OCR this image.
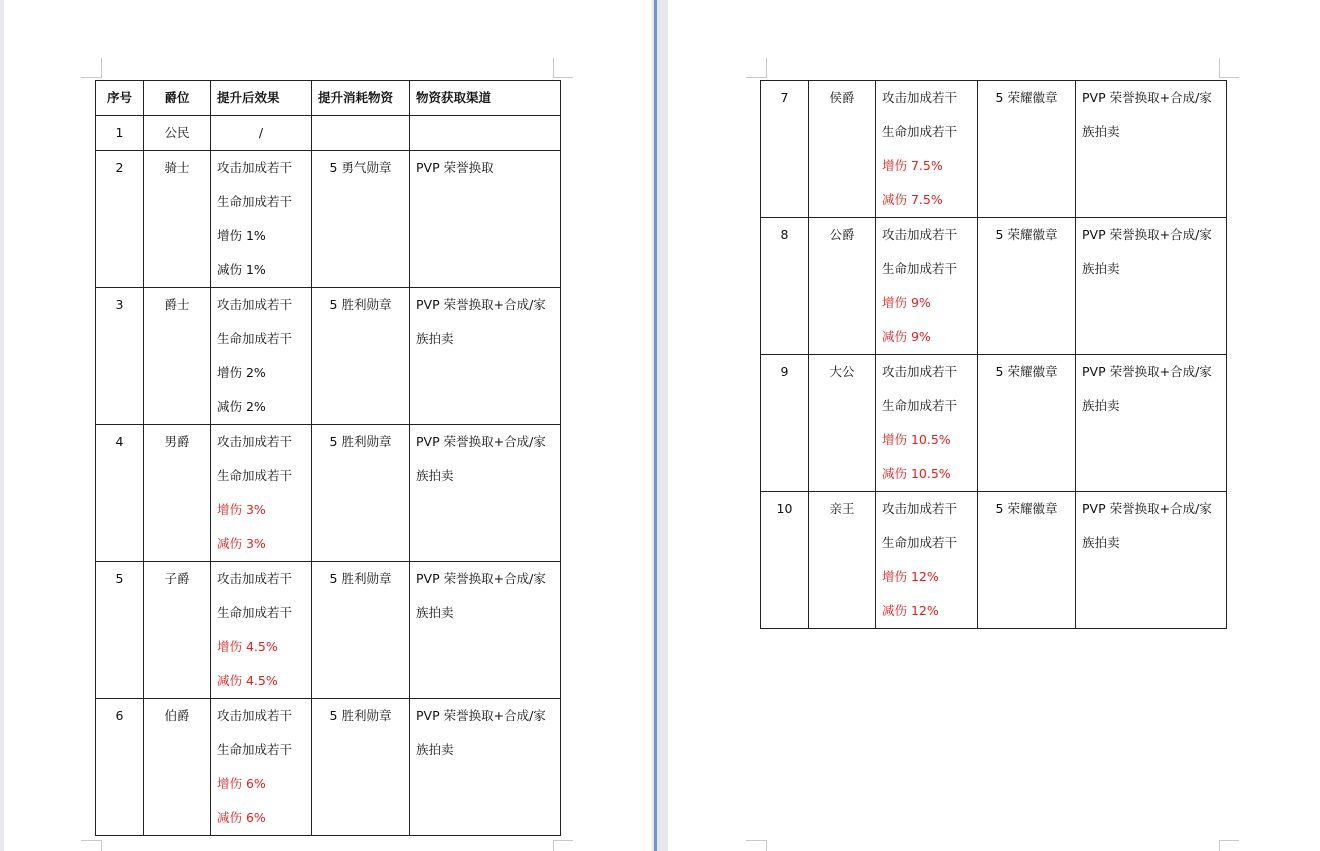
序号	爵位	提升后效果	提升消耗物资	物资获取渠道
1	公民	/		

2	骑士	攻击加成若干
生命加成若干
增伤 1%
减伤 1%	5 勇气勋章	PVP 荣誉换取

3	爵士	攻击加成若干
生命加成若干
增伤 2%
减伤 2%	5 胜利勋章	PVP 荣誉换取+合成/家
族拍卖

4	男爵	攻击加成若干
生命加成若干
增伤 3%
减伤 3%	5 胜利勋章	PVP 荣誉换取+合成/家
族拍卖

5	子爵	攻击加成若干
生命加成若干
增伤 4.5%
减伤 4.5%	5 胜利勋章	PVP 荣誉换取+合成/家
族拍卖

6	伯爵	攻击加成若干
生命加成若干
增伤 6%
减伤 6%	5 胜利勋章	PVP 荣誉换取+合成/家
族拍卖
7	侯爵	攻击加成若干
生命加成若干
增伤 7.5%
减伤 7.5%	5 荣耀徽章	PVP 荣誉换取+合成/家
族拍卖

8	公爵	攻击加成若干
生命加成若干
增伤 9%
减伤 9%	5 荣耀徽章	PVP 荣誉换取+合成/家
族拍卖

9	大公	攻击加成若干
生命加成若干
增伤 10.5%
减伤 10.5%	5 荣耀徽章	PVP 荣誉换取+合成/家
族拍卖

10	亲王	攻击加成若干
生命加成若干
增伤 12%
减伤 12%	5 荣耀徽章	PVP 荣誉换取+合成/家
族拍卖
